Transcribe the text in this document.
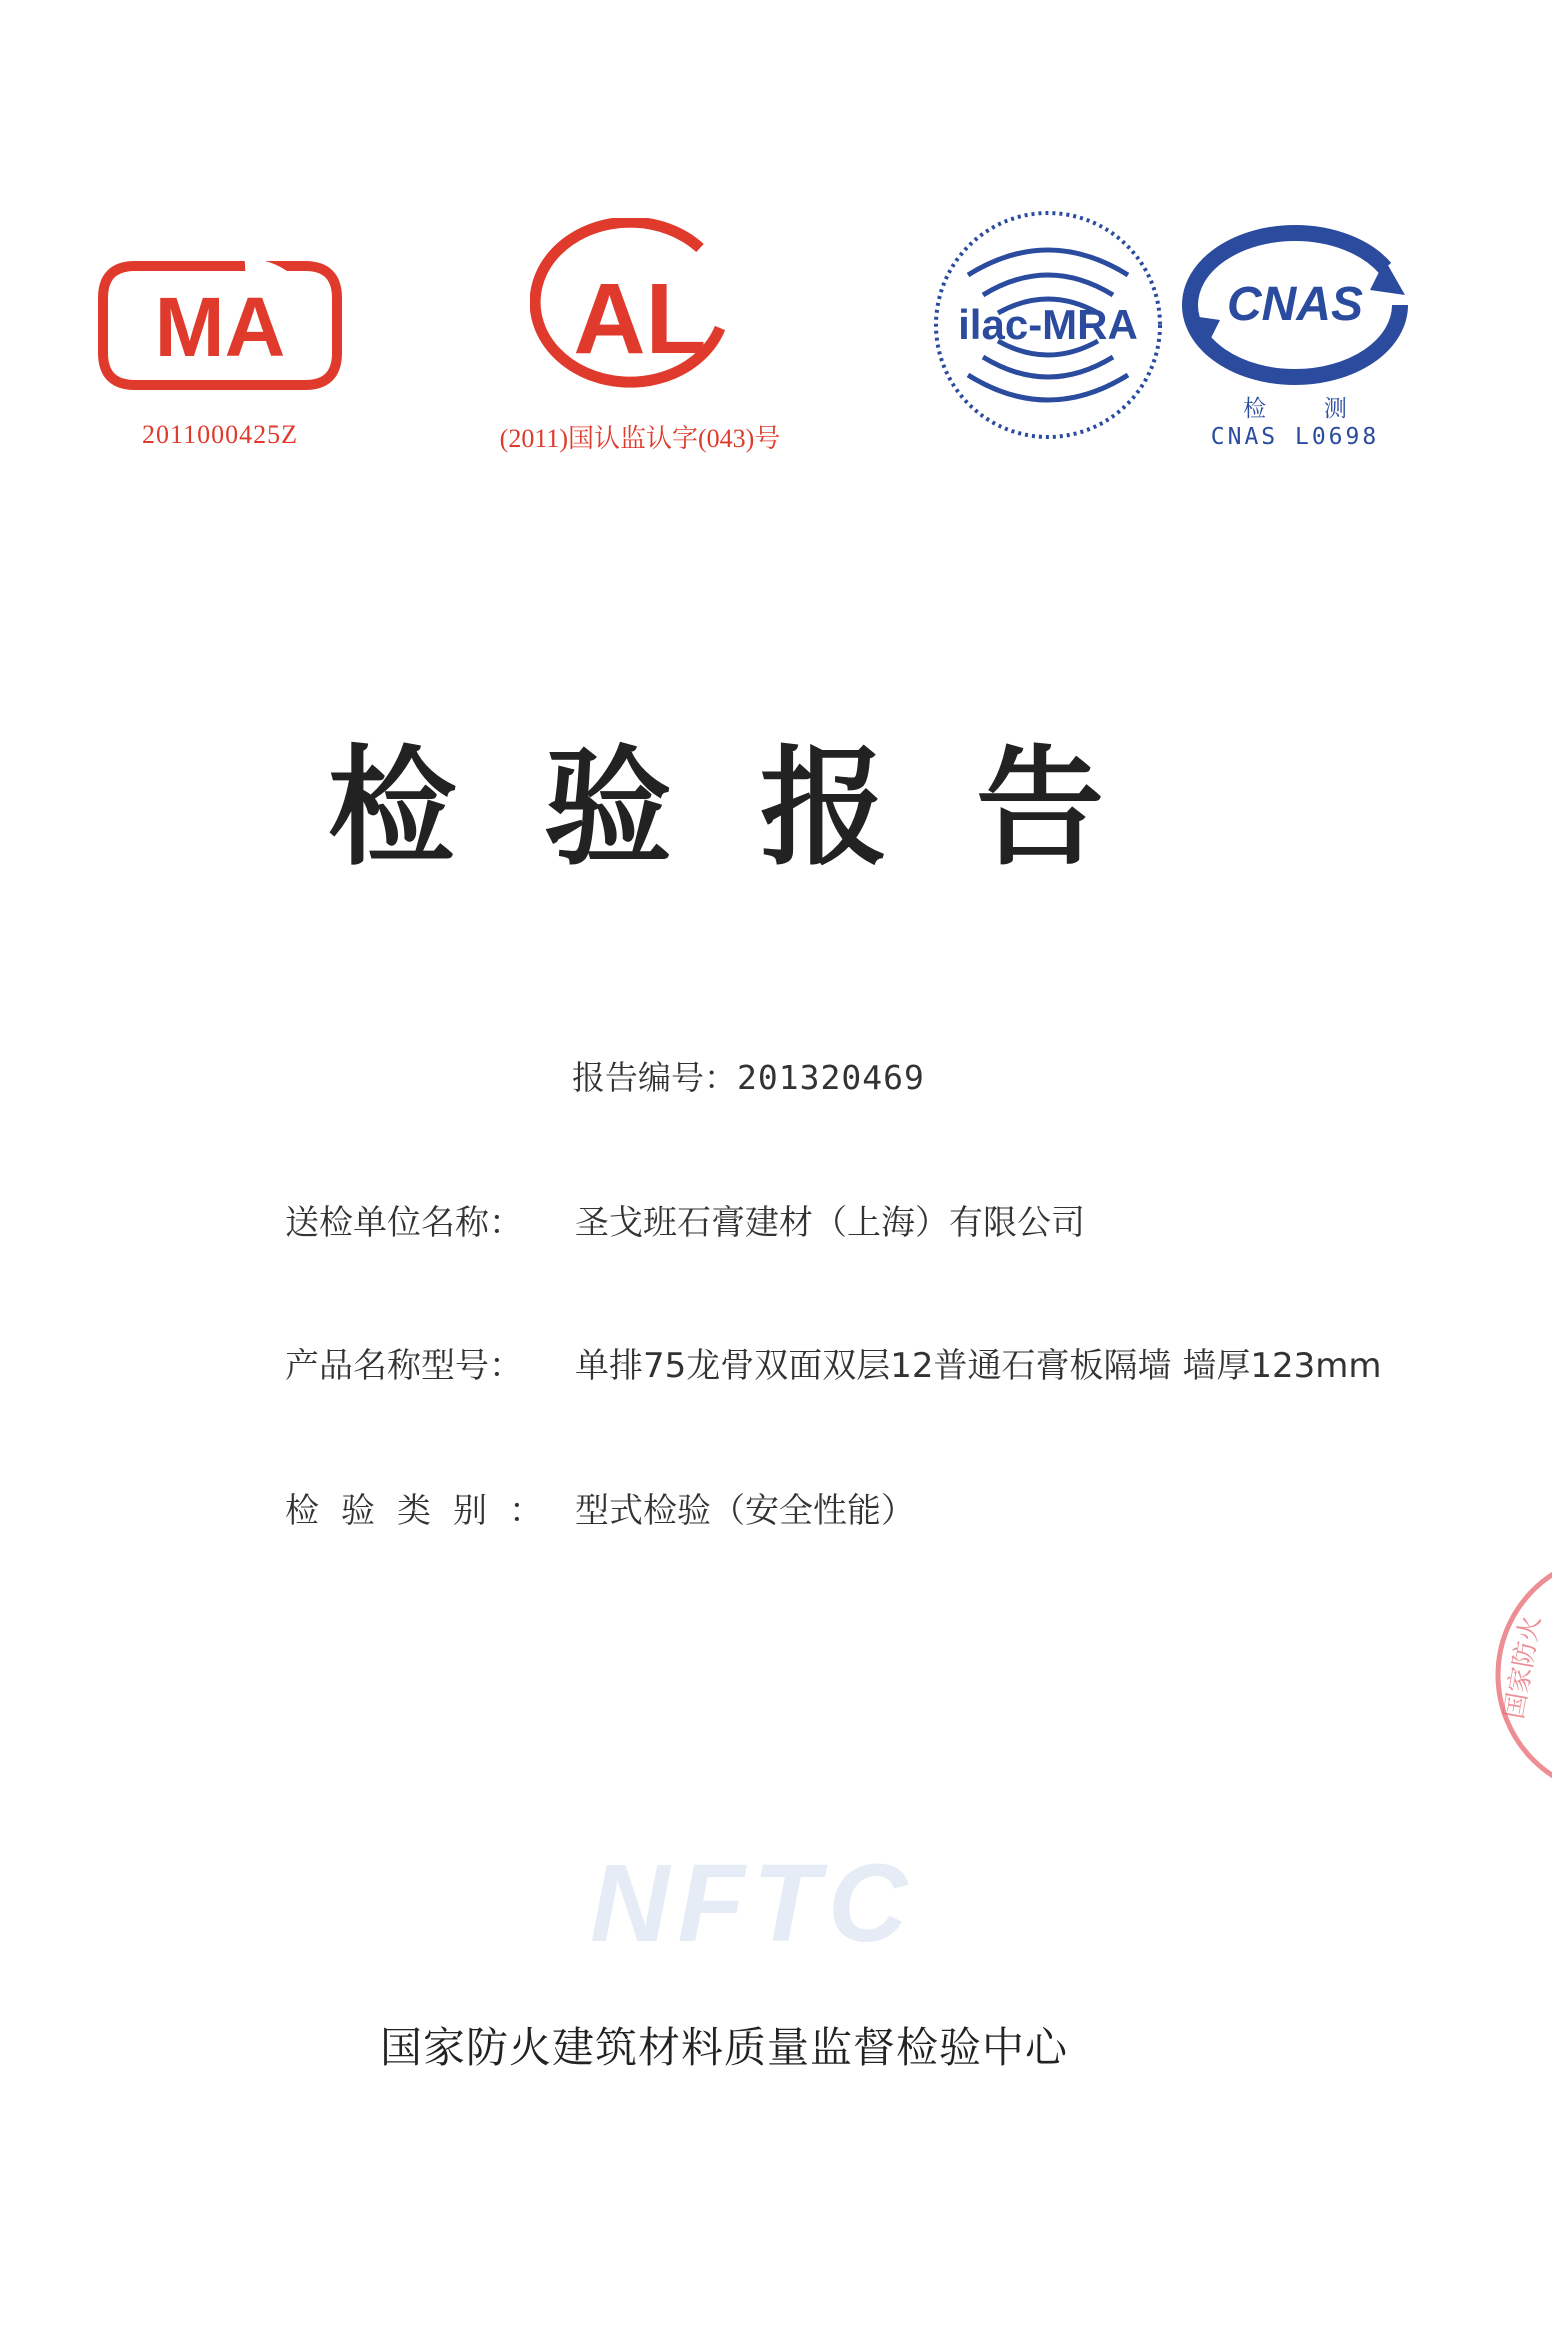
MA
2011000425Z
AL
(2011)国认监认字(043)号
ilac-MRA CNAS
检 测
CNAS L0698
检验报告
报告编号：201320469
送检单位名称： 圣戈班石膏建材（上海）有限公司
产品名称型号： 单排75龙骨双面双层12普通石膏板隔墙 墙厚123mm
检验类别： 型式检验（安全性能）
NFTC
国家防火建筑材料质量监督检验中心
国家防火
